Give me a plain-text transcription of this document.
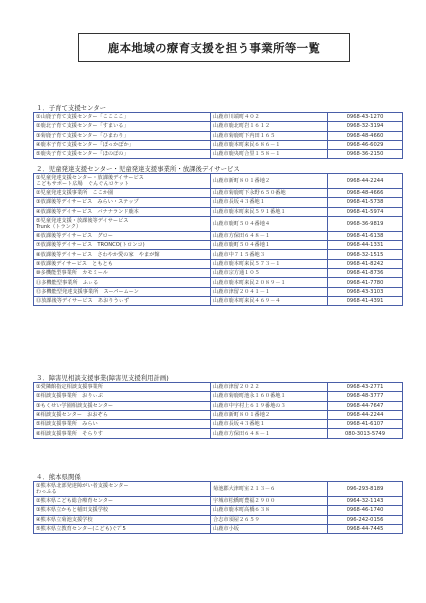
鹿本地域の療育支援を担う事業所等一覧
１．子育て支援センター
①山鹿子育て支援センター「ここここ」	山鹿市川端町４０２	0968-43-1270
②鹿北子育て支援センター「すまいる」	山鹿市鹿北町岩１６１２	0968-32-3194
③菊鹿子育て支援センター「ひまわり」	山鹿市菊鹿町下内田１６５	0968-48-4660
④鹿本子育て支援センター「ぽっかぽか」	山鹿市鹿本町来民６８６－１	0968-46-6029
⑤鹿央子育て支援センター「ほのぼの」	山鹿市鹿央町合里１５８－１	0968-36-2150
２．児童発達支援センター・児童発達支援事業所・放課後デイサービス
①児童発達支援センター・放課後デイサービス
こどもサポート広場　ぐんぐんロケット	山鹿市新町８０１番地２	0968-44-2244
②児童発達支援事業所　ここか園	山鹿市菊鹿町下永野６５０番地	0968-48-4666
③放課後等デイサービス　みらい・ステップ	山鹿市長坂４３番地１	0968-41-5738
④放課後等デイサービス　バナナランド鹿本	山鹿市鹿本町来民５９１番地１	0968-41-5974
⑤児童発達支援・放課後等デイサービス
Trunk（トランク）	山鹿市鹿町５０４番地４	0968-36-9819
⑥放課後等デイサービス　グロー	山鹿市方保田６４８－１	0968-41-6138
⑦放課後等デイサービス　TRONCO(トロンコ)	山鹿市鹿町５０４番地１	0968-44-1331
⑧放課後等デイサービス　さわやか愛の家　やまが館	山鹿市中７１５番地３	0968-32-1515
⑨放課後デイサービス　ともとも	山鹿市鹿本町来民５７３－１	0968-41-8242
⑩多機能型事業所　カモミール	山鹿市宗方通１０５	0968-41-8736
⑪多機能型事業所　ふぃる	山鹿市鹿本町来民２０８９－１	0968-41-7780
⑫多機能型発達支援事業所　スーパームーン	山鹿市津留２０４１－１	0968-43-3103
⑬放課後等デイサービス　あおりうぃず	山鹿市鹿本町来民４６９－４	0968-41-4391
３．障害児相談支援事業(障害児支援利用計画)
①愛隣館指定相談支援事業所	山鹿市津留２０２２	0968-43-2771
②相談支援事業所　おりぃぶ	山鹿市菊鹿町池永１６０番地１	0968-48-3777
③もくせい学園相談支援センター	山鹿市中字村上６１９番地の３	0968-44-7647
④相談支援センター　おおぞら	山鹿市新町８０１番地２	0968-44-2244
⑤相談支援事業所　みらい	山鹿市長坂４３番地１	0968-41-6107
⑥相談支援事業所　そらりす	山鹿市方保田６４８－１	080-3013-5749
４．熊本県関係
①熊本県北部発達障がい者支援センター
わっふる	菊池郡大津町室２１３－６	096-293-8189
②熊本県こども総合療育センター	宇城市松橋町豊福２９００	0964-32-1143
③熊本県立かもと稲田支援学校	山鹿市鹿本町高橋６３８	0968-46-1740
④熊本県立菊池支援学校	合志市須屋２６５９	096-242-0156
⑤熊本県立教育センター(こども)ぐ7ﾞ5	山鹿市小坂	0968-44-7445
